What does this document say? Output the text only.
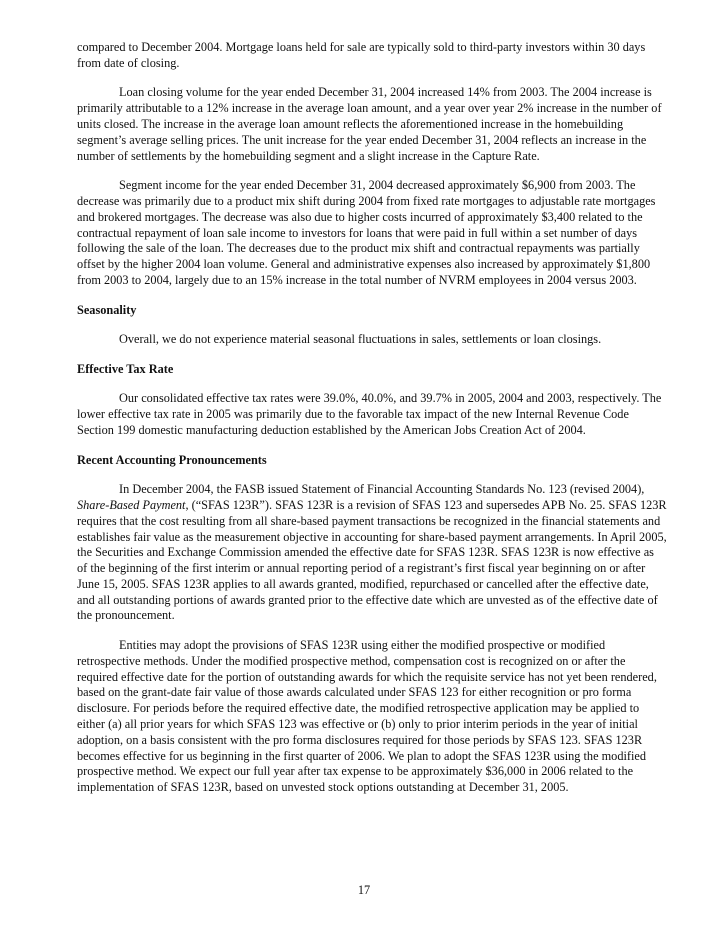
compared to December 2004. Mortgage loans held for sale are typically sold to third-party investors within 30 days from date of closing.

Loan closing volume for the year ended December 31, 2004 increased 14% from 2003. The 2004 increase is primarily attributable to a 12% increase in the average loan amount, and a year over year 2% increase in the number of units closed. The increase in the average loan amount reflects the aforementioned increase in the homebuilding segment’s average selling prices. The unit increase for the year ended December 31, 2004 reflects an increase in the number of settlements by the homebuilding segment and a slight increase in the Capture Rate.

Segment income for the year ended December 31, 2004 decreased approximately $6,900 from 2003. The decrease was primarily due to a product mix shift during 2004 from fixed rate mortgages to adjustable rate mortgages and brokered mortgages. The decrease was also due to higher costs incurred of approximately $3,400 related to the contractual repayment of loan sale income to investors for loans that were paid in full within a set number of days following the sale of the loan. The decreases due to the product mix shift and contractual repayments was partially offset by the higher 2004 loan volume. General and administrative expenses also increased by approximately $1,800 from 2003 to 2004, largely due to an 15% increase in the total number of NVRM employees in 2004 versus 2003.

Seasonality

Overall, we do not experience material seasonal fluctuations in sales, settlements or loan closings.

Effective Tax Rate

Our consolidated effective tax rates were 39.0%, 40.0%, and 39.7% in 2005, 2004 and 2003, respectively. The lower effective tax rate in 2005 was primarily due to the favorable tax impact of the new Internal Revenue Code Section 199 domestic manufacturing deduction established by the American Jobs Creation Act of 2004.

Recent Accounting Pronouncements

In December 2004, the FASB issued Statement of Financial Accounting Standards No. 123 (revised 2004), Share-Based Payment, (“SFAS 123R”). SFAS 123R is a revision of SFAS 123 and supersedes APB No. 25. SFAS 123R requires that the cost resulting from all share-based payment transactions be recognized in the financial statements and establishes fair value as the measurement objective in accounting for share-based payment arrangements. In April 2005, the Securities and Exchange Commission amended the effective date for SFAS 123R. SFAS 123R is now effective as of the beginning of the first interim or annual reporting period of a registrant’s first fiscal year beginning on or after June 15, 2005. SFAS 123R applies to all awards granted, modified, repurchased or cancelled after the effective date, and all outstanding portions of awards granted prior to the effective date which are unvested as of the effective date of the pronouncement.

Entities may adopt the provisions of SFAS 123R using either the modified prospective or modified retrospective methods. Under the modified prospective method, compensation cost is recognized on or after the required effective date for the portion of outstanding awards for which the requisite service has not yet been rendered, based on the grant-date fair value of those awards calculated under SFAS 123 for either recognition or pro forma disclosure. For periods before the required effective date, the modified retrospective application may be applied to either (a) all prior years for which SFAS 123 was effective or (b) only to prior interim periods in the year of initial adoption, on a basis consistent with the pro forma disclosures required for those periods by SFAS 123. SFAS 123R becomes effective for us beginning in the first quarter of 2006. We plan to adopt the SFAS 123R using the modified prospective method. We expect our full year after tax expense to be approximately $36,000 in 2006 related to the implementation of SFAS 123R, based on unvested stock options outstanding at December 31, 2005.

17
